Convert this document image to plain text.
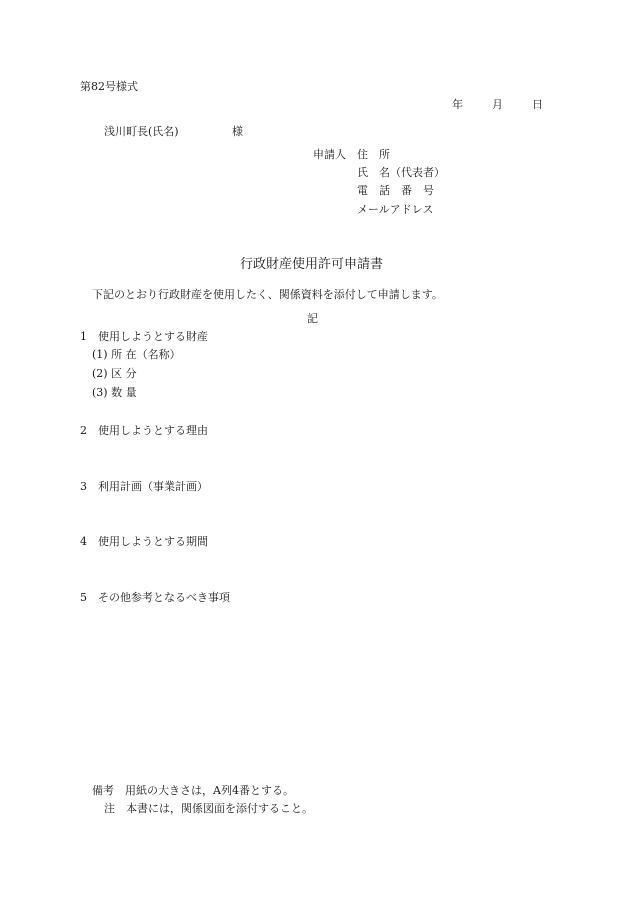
第82号様式
年	月	日
浅川町長(氏名)	様
申請人 住　所
氏　名（代表者）
電　話　番　号
メールアドレス
行政財産使用許可申請書
下記のとおり行政財産を使用したく、関係資料を添付して申請します。
記
1　使用しようとする財産
(1) 所 在（名称）
(2) 区 分
(3) 数 量
2　使用しようとする理由
3　利用計画（事業計画）
4　使用しようとする期間
5　その他参考となるべき事項
備考　用紙の大きさは，A列4番とする。
注　本書には，関係図面を添付すること。
